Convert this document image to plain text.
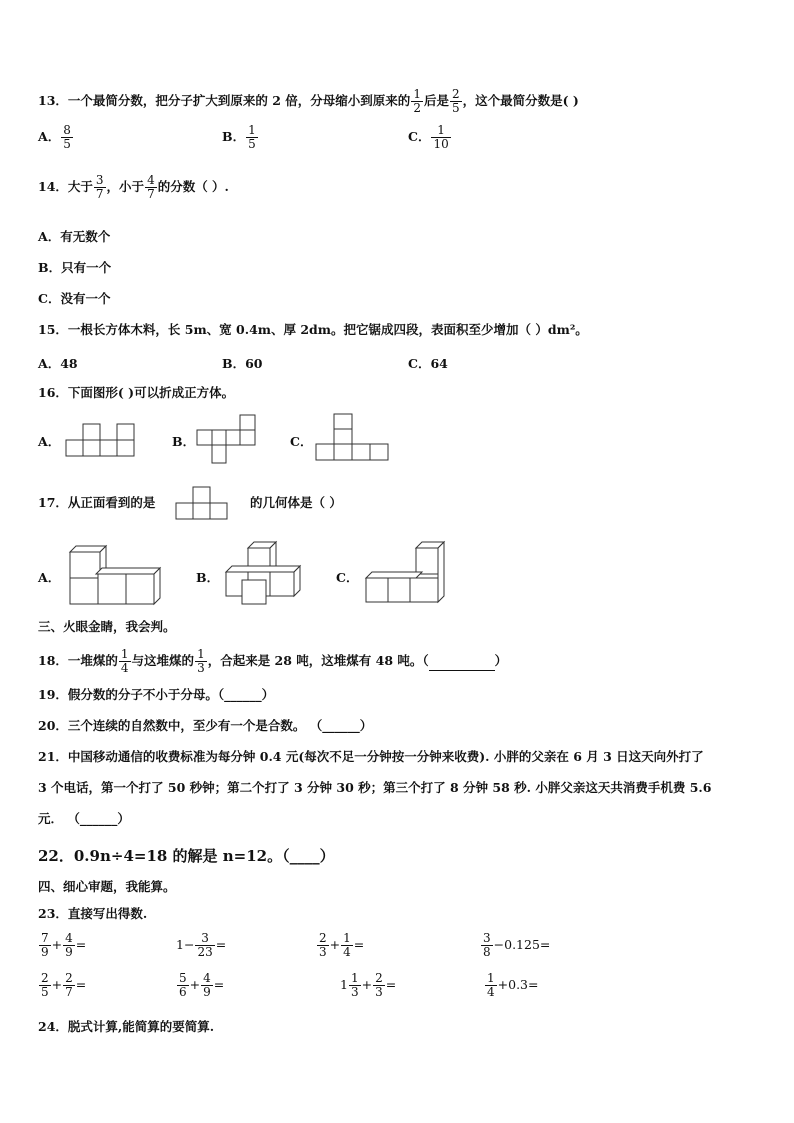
13．一个最简分数，把分子扩大到原来的 2 倍，分母缩小到原来的 $\frac{1}{2}$ 后是 $\frac{2}{5}$ ，这个最简分数是( )
A． $\frac{8}{5}$	B． $\frac{1}{5}$	C． $\frac{1}{10}$
14．大于 $\frac{3}{7}$ ，小于 $\frac{4}{7}$ 的分数（ ）.
A．有无数个
B．只有一个
C．没有一个
15．一根长方体木料，长 5m、宽 0.4m、厚 2dm。把它锯成四段，表面积至少增加（ ）dm²。
A．48	B．60	C．64
16．下面图形( )可以折成正方体。
A．	B．	C．
17．从正面看到的是	的几何体是（ ）
A．	B．	C．
三、火眼金睛，我会判。
18．一堆煤的 $\frac{1}{4}$ 与这堆煤的 $\frac{1}{3}$ ，合起来是 28 吨，这堆煤有 48 吨。（	）
19．假分数的分子不小于分母。（______）
20．三个连续的自然数中，至少有一个是合数。 （______）
21．中国移动通信的收费标准为每分钟 0.4 元(每次不足一分钟按一分钟来收费). 小胖的父亲在 6 月 3 日这天向外打了
3 个电话，第一个打了 50 秒钟；第二个打了 3 分钟 30 秒；第三个打了 8 分钟 58 秒. 小胖父亲这天共消费手机费 5.6
元． （______）
22．0.9n÷4=18 的解是 n=12。（____）
四、细心审题，我能算。
23．直接写出得数.
$\frac{7}{9} + \frac{4}{9}$ =	$1- \frac{3}{23}$ =	$\frac{2}{3} + \frac{1}{4}$ =	$\frac{3}{8} -0.125=$
$\frac{2}{5} + \frac{2}{7}$ =	$\frac{5}{6} + \frac{4}{9}$ =	$1 \frac{1}{3} + \frac{2}{3}$ =	$\frac{1}{4} +0.3=$
24．脱式计算,能简算的要简算.
